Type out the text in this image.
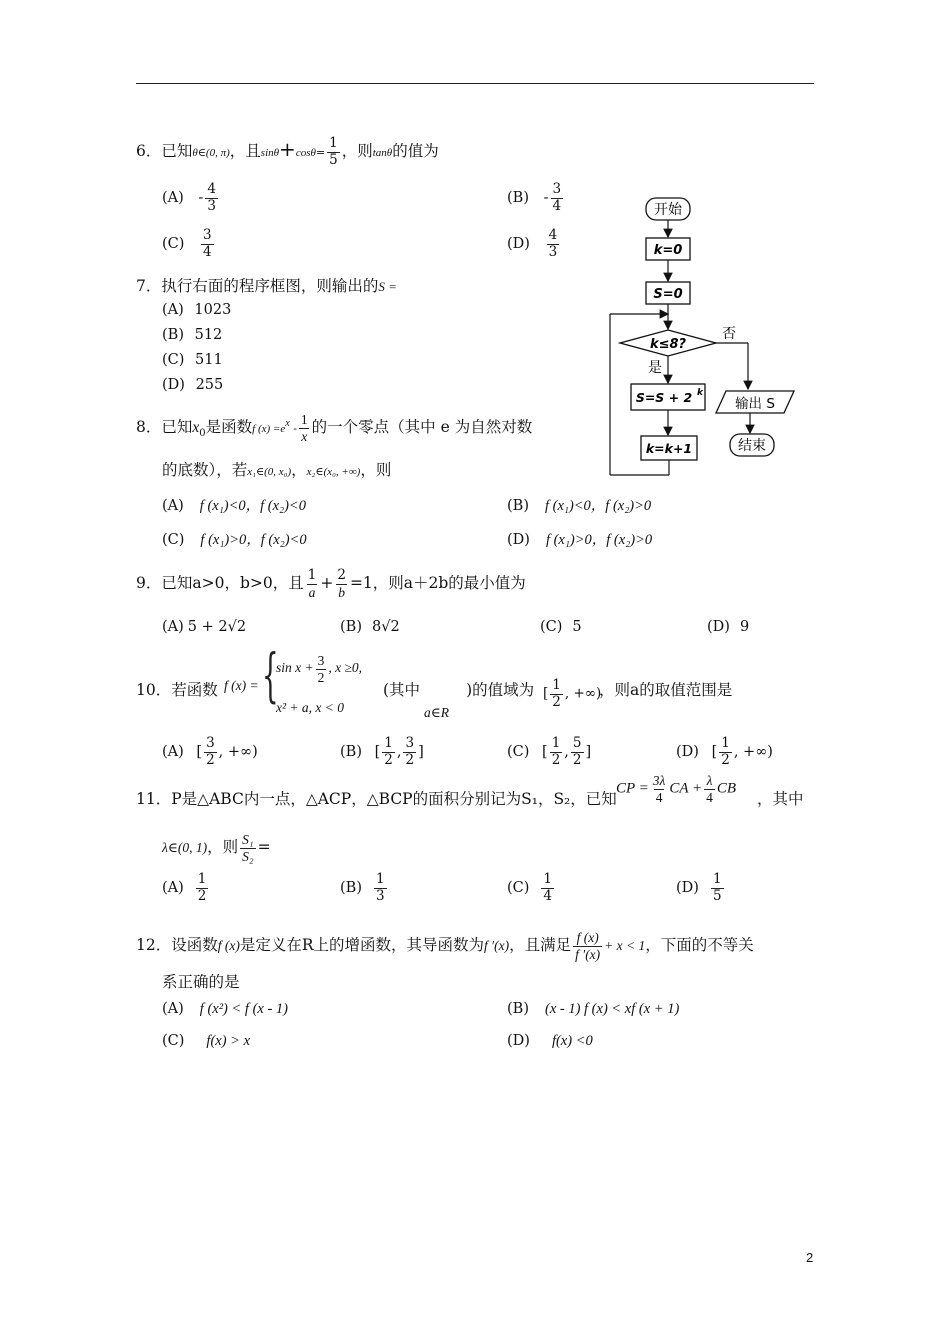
6．已知θ∈(0, π)，且$\sin\theta+\cos\theta= \frac{1}{5}$ ，则tanθ的值为
$(A) - \frac{4}{3}$	$(B) - \frac{3}{4}$
$(C) \frac{3}{4}$	$(D) \frac{4}{3}$
7．执行右面的程序框图，则输出的S =
(A) 1023
(B) 512
(C) 511
(D) 255
开始
k=0
S=0
k≤8?
否
是
S=S + 2 k
k=k+1
输出 S
结束
8．已知$x_0$是函数f $(x) =e^x - \frac{1}{x}$ 的一个零点（其中 e 为自然对数
的底数），若x₁∈(0, x₀)，x₂∈(x₀, +∞)，则
(A) f (x₁)<0，f (x₂)<0	(B) f (x₁)<0，f (x₂)>0
(C) f (x₁)>0，f (x₂)<0	(D) f (x₁)>0，f (x₂)>0
9．已知a>0，b>0，且 $\frac{1}{a} + \frac{2}{b} =1$，则a＋2b的最小值为
(A) 5 + 2√2	(B) 8√2	(C) 5	(D) 9
10．若函数 f (x) = {
$\sin x + \frac{3}{2}$ , x ≥0,
x² + a, x < 0
(其中	)的值域为
a∈R
[ $\frac{1}{2}$ , +∞)
，则a的取值范围是
(A) [ $\frac{3}{2}$ , +∞)	(B) [ $\frac{1}{2}$ , $\frac{3}{2}$ ]	(C) [ $\frac{1}{2}$ , $\frac{5}{2}$ ]	(D) [ $\frac{1}{2}$ , +∞)
11．P是△ABC内一点，△ACP，△BCP的面积分别记为S₁，S₂，已知
CP = $\frac{3\lambda}{4}$ CA + $\frac{\lambda}{4}$ CB
，其中
λ∈(0, 1)，则 $\frac{\text{S₁}}{\text{S₂}}$ =
$(A) \frac{1}{2}$	$(B) \frac{1}{3}$	$(C) \frac{1}{4}$	$(D) \frac{1}{5}$
12．设函数f (x)是定义在R上的增函数，其导函数为f ′(x)，且满足 $\frac{f (x)}{f '(x)} + x < 1$，下面的不等关
系正确的是
(A) f (x²) < f (x - 1)	(B) (x - 1) f (x) < xf (x + 1)
(C) f(x) > x	(D) f(x) <0
2
